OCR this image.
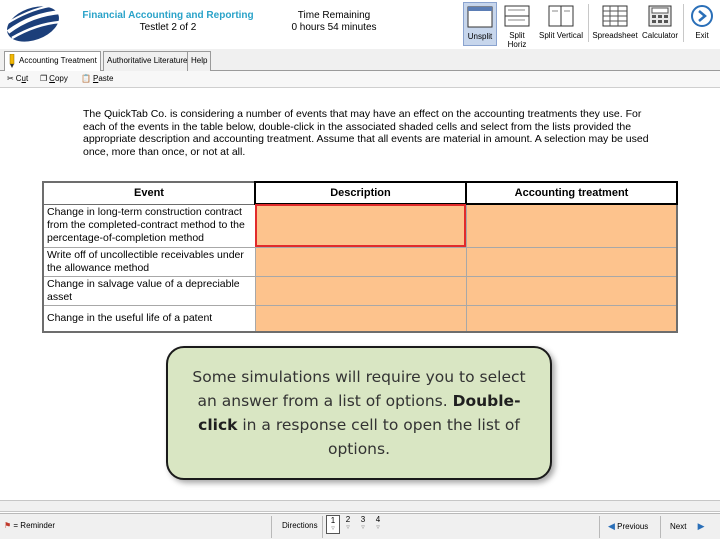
Financial Accounting and Reporting
Testlet 2 of 2
Time Remaining
0 hours 54 minutes
Unsplit	Split Horiz
Split Vertical Spreadsheet Calculator	Exit
Accounting Treatment	Authoritative Literature Help
✂ Cut ❐ Copy 📋 Paste

The QuickTab Co. is considering a number of events that may have an effect on the accounting treatments they use. For each of the events in the table below, double-click in the associated shaded cells and select from the lists provided the appropriate description and accounting treatment. Assume that all events are material in amount. A selection may be used once, more than once, or not at all.

Event	Description	Accounting treatment
Change in long-term construction contract from the completed-contract method to the percentage-of-completion method		
Write off of uncollectible receivables under the allowance method		
Change in salvage value of a depreciable asset		
Change in the useful life of a patent		

Some simulations will require you to select an answer from a list of options. Double-click in a response cell to open the list of options.

⚑ = Reminder	Directions
1
▿
2
▿
3
▿
4
▿	◀ Previous	Next ▶
